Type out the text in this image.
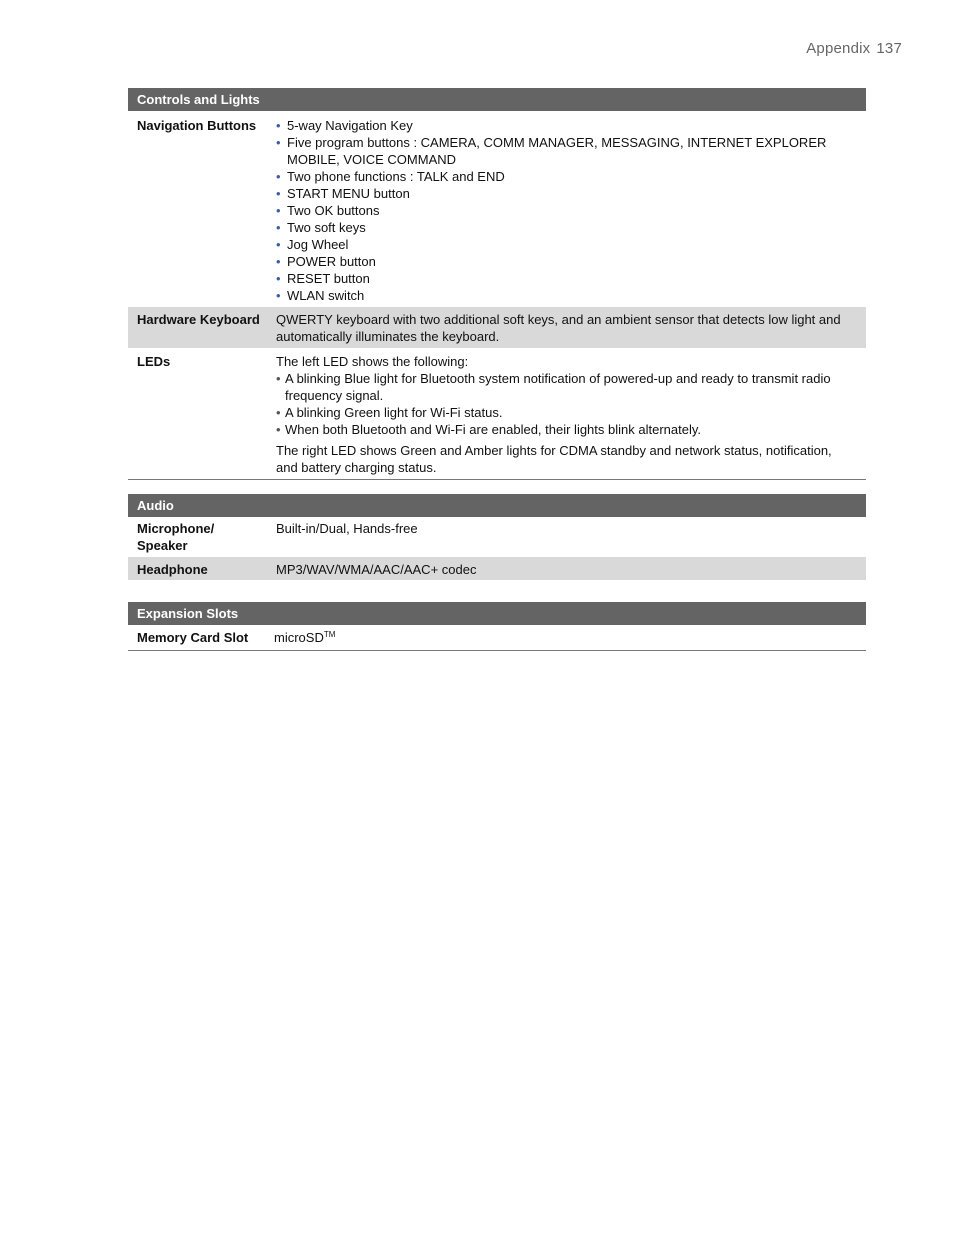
Appendix 137
Controls and Lights
Navigation Buttons
•	5-way Navigation Key
• Five program buttons : CAMERA, COMM MANAGER, MESSAGING, INTERNET EXPLORER MOBILE, VOICE COMMAND
• Two phone functions : TALK and END
• START MENU button
• Two OK buttons
• Two soft keys
• Jog Wheel
• POWER button
• RESET button
• WLAN switch
Hardware Keyboard	QWERTY keyboard with two additional soft keys, and an ambient sensor that detects low light and automatically illuminates the keyboard.
LEDs	The left LED shows the following:

• A blinking Blue light for Bluetooth system notification of powered-up and ready to transmit radio frequency signal.
• A blinking Green light for Wi-Fi status.
• When both Bluetooth and Wi-Fi are enabled, their lights blink alternately.

The right LED shows Green and Amber lights for CDMA standby and network status, notification, and battery charging status.

Audio
Microphone/
Speaker
Built-in/Dual, Hands-free
Headphone	MP3/WAV/WMA/AAC/AAC+ codec
Expansion Slots
Memory Card Slot	microSD™
